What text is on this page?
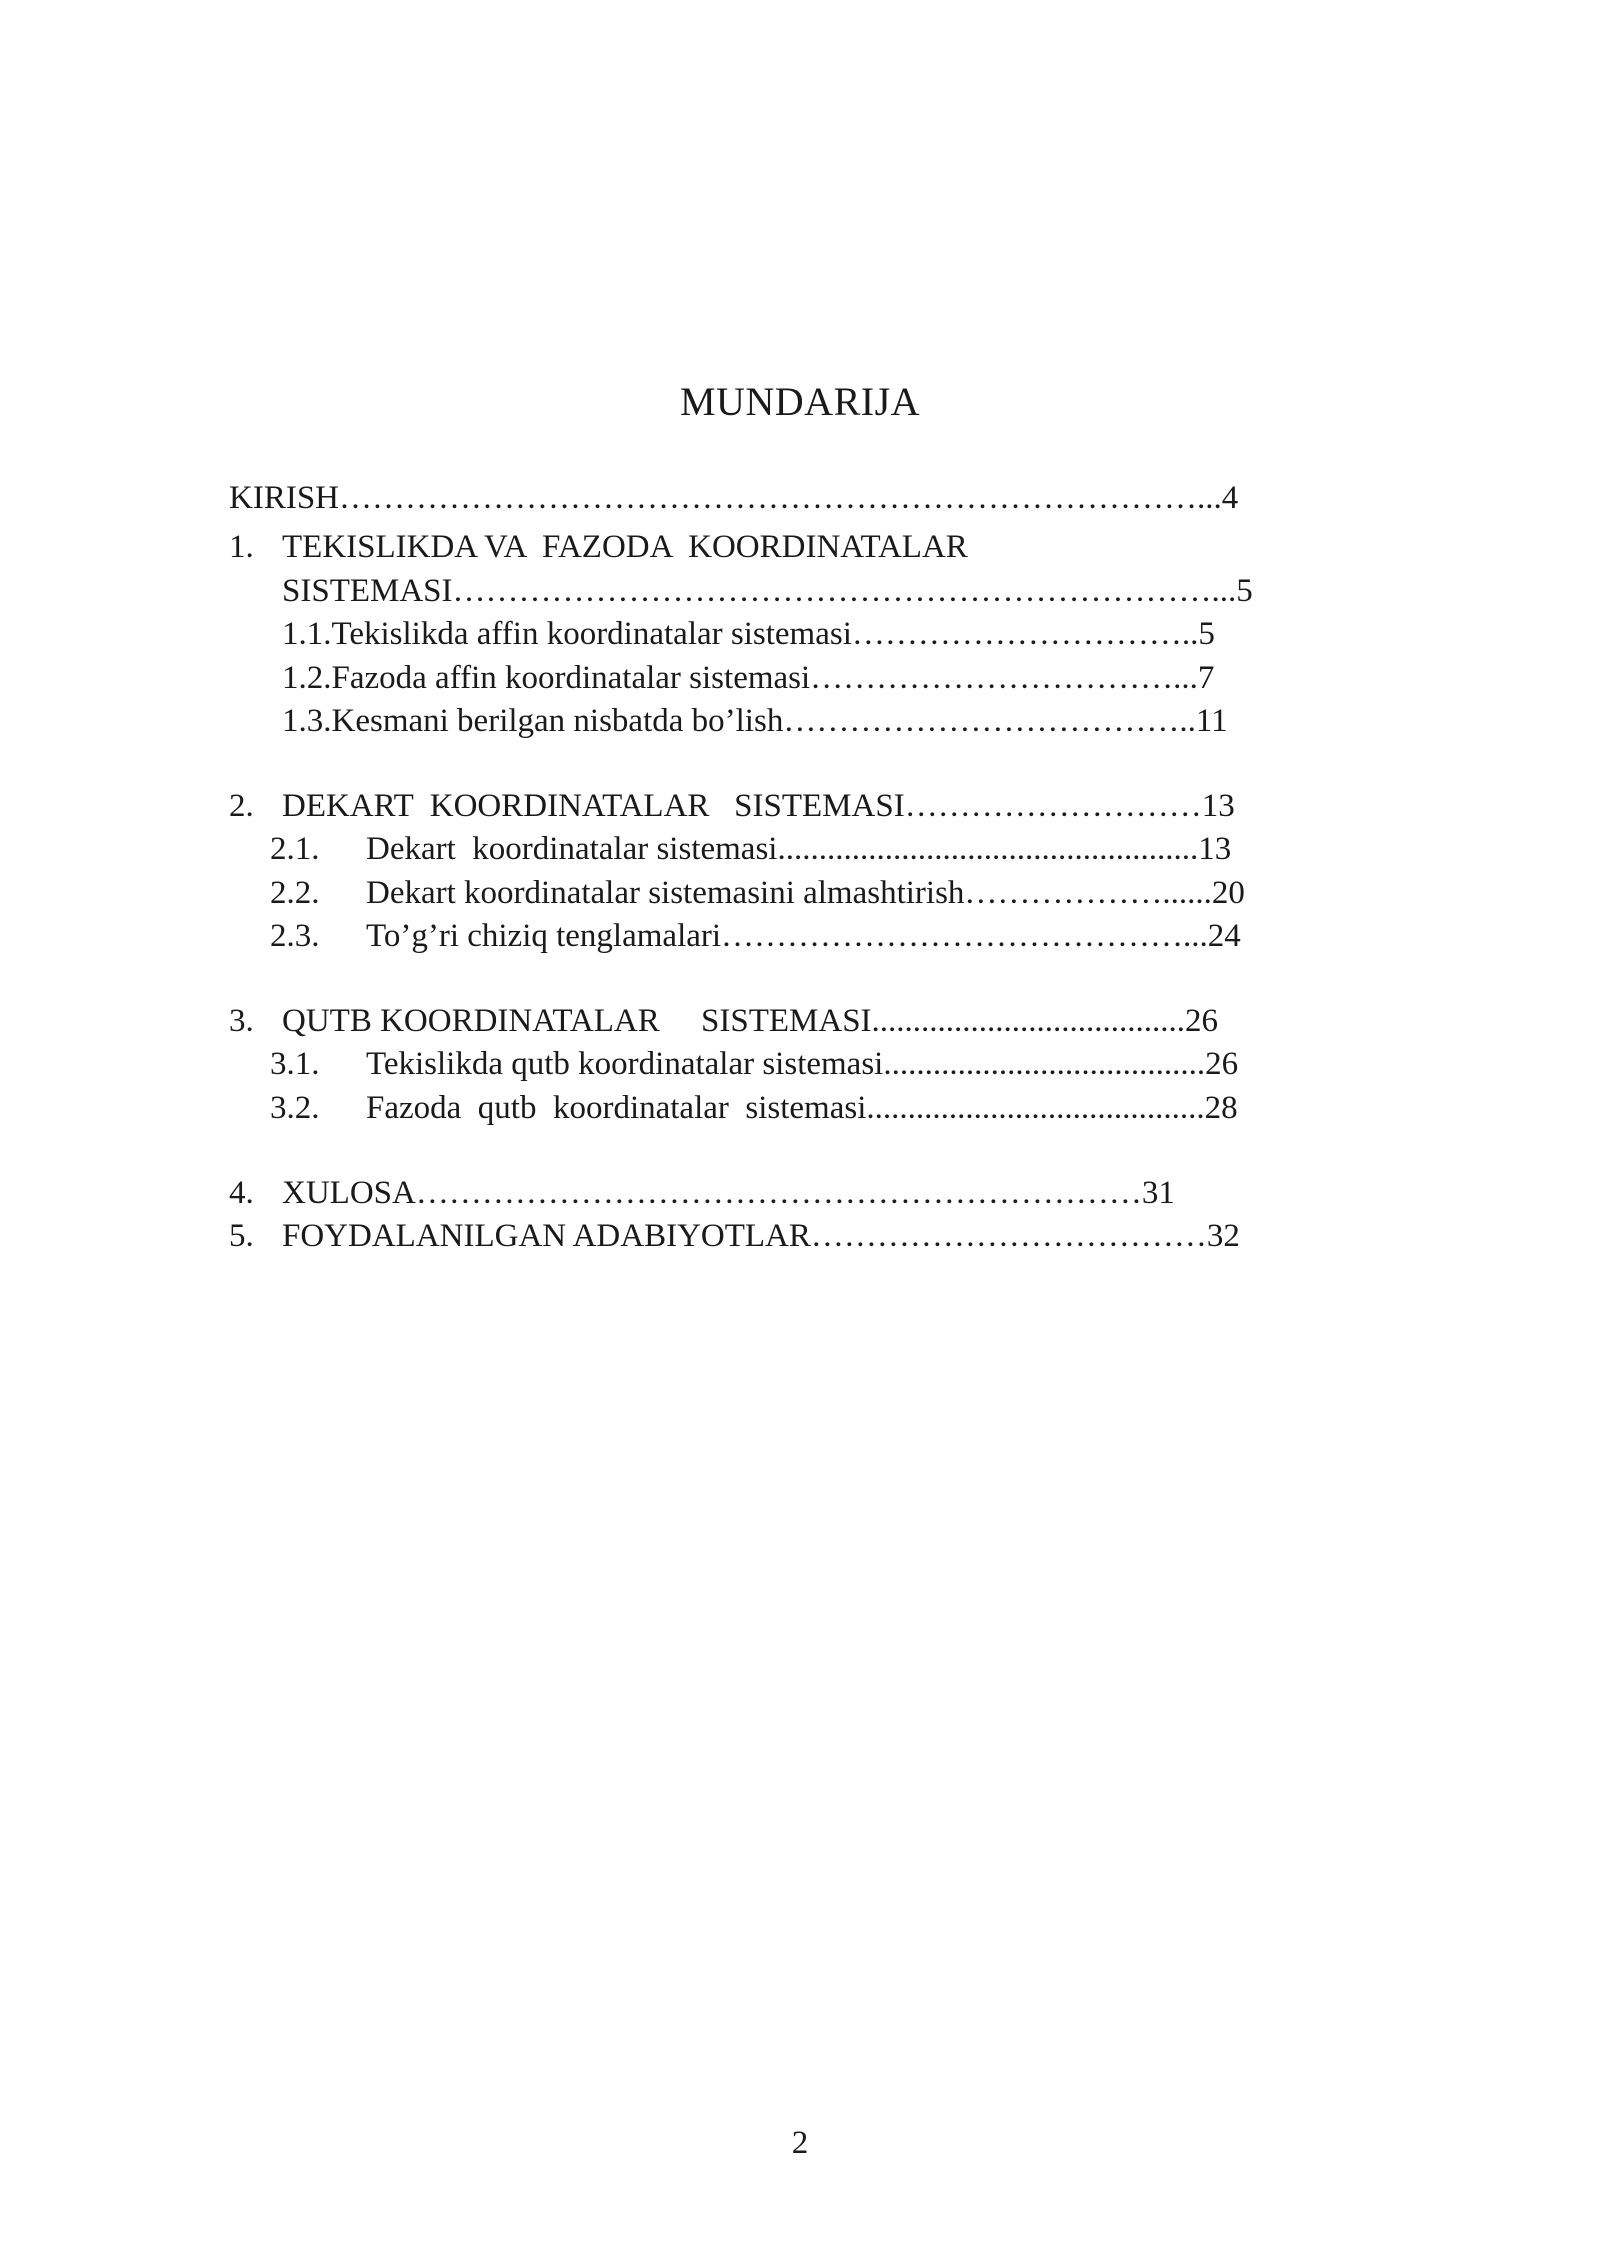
MUNDARIJA
KIRISH……………………………………………………………………...4
1. TEKISLIKDA VA  FAZODA  KOORDINATALAR
SISTEMASI……………………………………………………………...5
1.1.Tekislikda affin koordinatalar sistemasi…………………………..5
1.2.Fazoda affin koordinatalar sistemasi……………………………...7
1.3.Kesmani berilgan nisbatda bo’lish………………………………..11
2. DEKART  KOORDINATALAR   SISTEMASI………………………13
2.1. Dekart  koordinatalar sistemasi...................................................13
2.2. Dekart koordinatalar sistemasini almashtirish………………......20
2.3. To’g’ri chiziq tenglamalari……………………………………...24
3. QUTB KOORDINATALAR     SISTEMASI......................................26
3.1. Tekislikda qutb koordinatalar sistemasi.......................................26
3.2. Fazoda  qutb  koordinatalar  sistemasi.........................................28
4. XULOSA…………………………………………………………31
5. FOYDALANILGAN ADABIYOTLAR………………………………32
2
